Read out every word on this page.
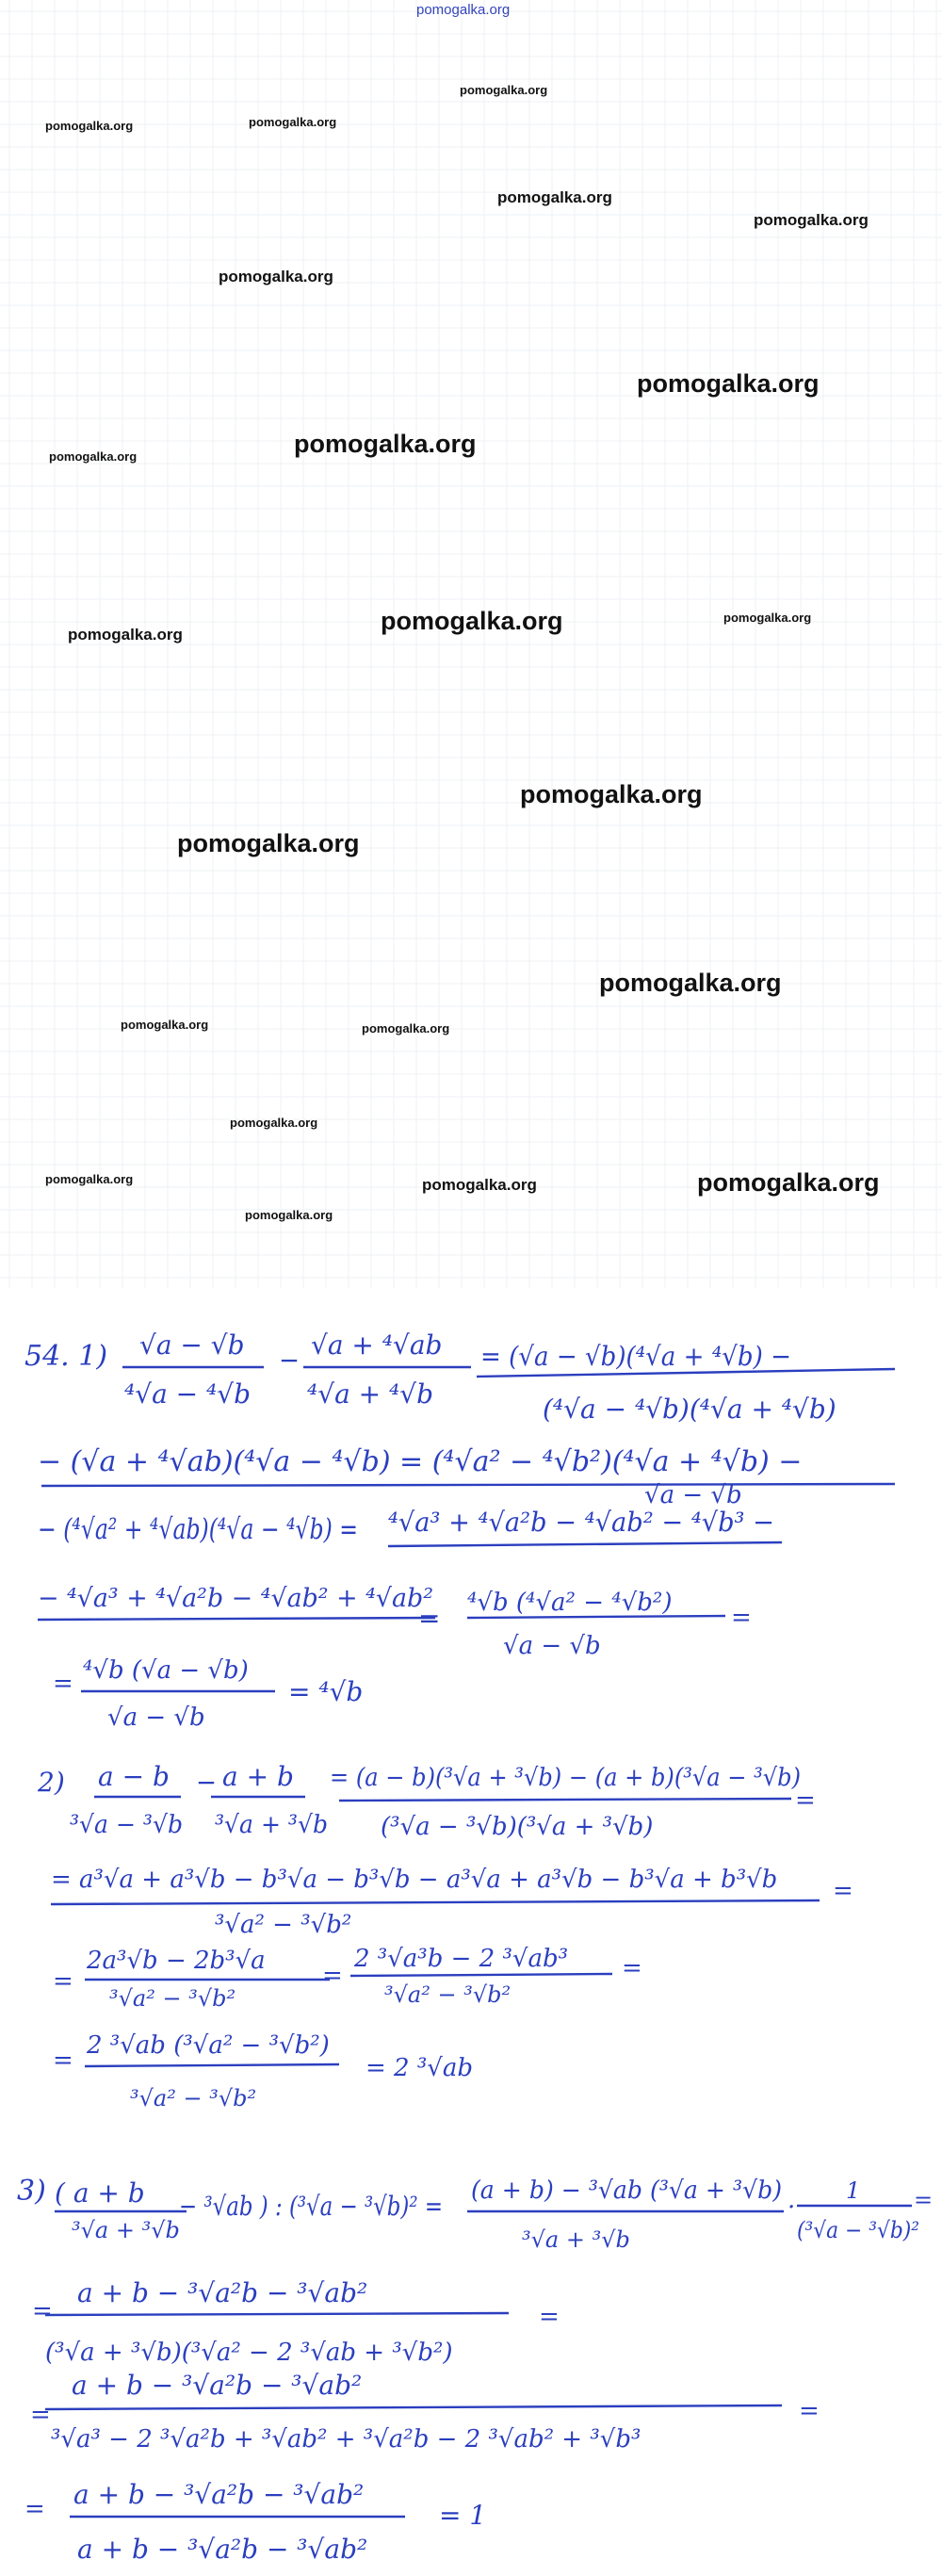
54. 1) √a − √b
⁴√a − ⁴√b
− √a + ⁴√ab
⁴√a + ⁴√b
= (√a − √b)(⁴√a + ⁴√b) −
(⁴√a − ⁴√b)(⁴√a + ⁴√b)
− (√a + ⁴√ab)(⁴√a − ⁴√b) = (⁴√a² − ⁴√b²)(⁴√a + ⁴√b) −
− (⁴√a² + ⁴√ab)(⁴√a − ⁴√b) = ⁴√a³ + ⁴√a²b − ⁴√ab² − ⁴√b³ −
√a − √b
− ⁴√a³ + ⁴√a²b − ⁴√ab² + ⁴√ab²
= ⁴√b (⁴√a² − ⁴√b²)
√a − √b
=
= ⁴√b (√a − √b)
√a − √b
= ⁴√b
2) a − b
³√a − ³√b
− a + b
³√a + ³√b
= (a − b)(³√a + ³√b) − (a + b)(³√a − ³√b)
(³√a − ³√b)(³√a + ³√b)
=
= a³√a + a³√b − b³√a − b³√b − a³√a + a³√b − b³√a + b³√b
³√a² − ³√b²
=
=
2a³√b − 2b³√a
³√a² − ³√b²
=
2 ³√a³b − 2 ³√ab³
³√a² − ³√b²
=
=
2 ³√ab (³√a² − ³√b²)
³√a² − ³√b²
= 2 ³√ab
3) ( a + b
³√a + ³√b
− ³√ab ) : (³√a − ³√b)² = (a + b) − ³√ab (³√a + ³√b)
³√a + ³√b
·
1
(³√a − ³√b)²
=
=
a + b − ³√a²b − ³√ab²
(³√a + ³√b)(³√a² − 2 ³√ab + ³√b²)
=
=
a + b − ³√a²b − ³√ab²
³√a³ − 2 ³√a²b + ³√ab² + ³√a²b − 2 ³√ab² + ³√b³
=
= a + b − ³√a²b − ³√ab²
a + b − ³√a²b − ³√ab²
= 1
pomogalka.org
pomogalka.org	pomogalka.org
pomogalka.org
pomogalka.org
pomogalka.org
pomogalka.org
pomogalka.org
pomogalka.org
pomogalka.org
pomogalka.org	pomogalka.org	pomogalka.org
pomogalka.org
pomogalka.org
pomogalka.org
pomogalka.org	pomogalka.org
pomogalka.org
pomogalka.org	pomogalka.org	pomogalka.org
pomogalka.org
